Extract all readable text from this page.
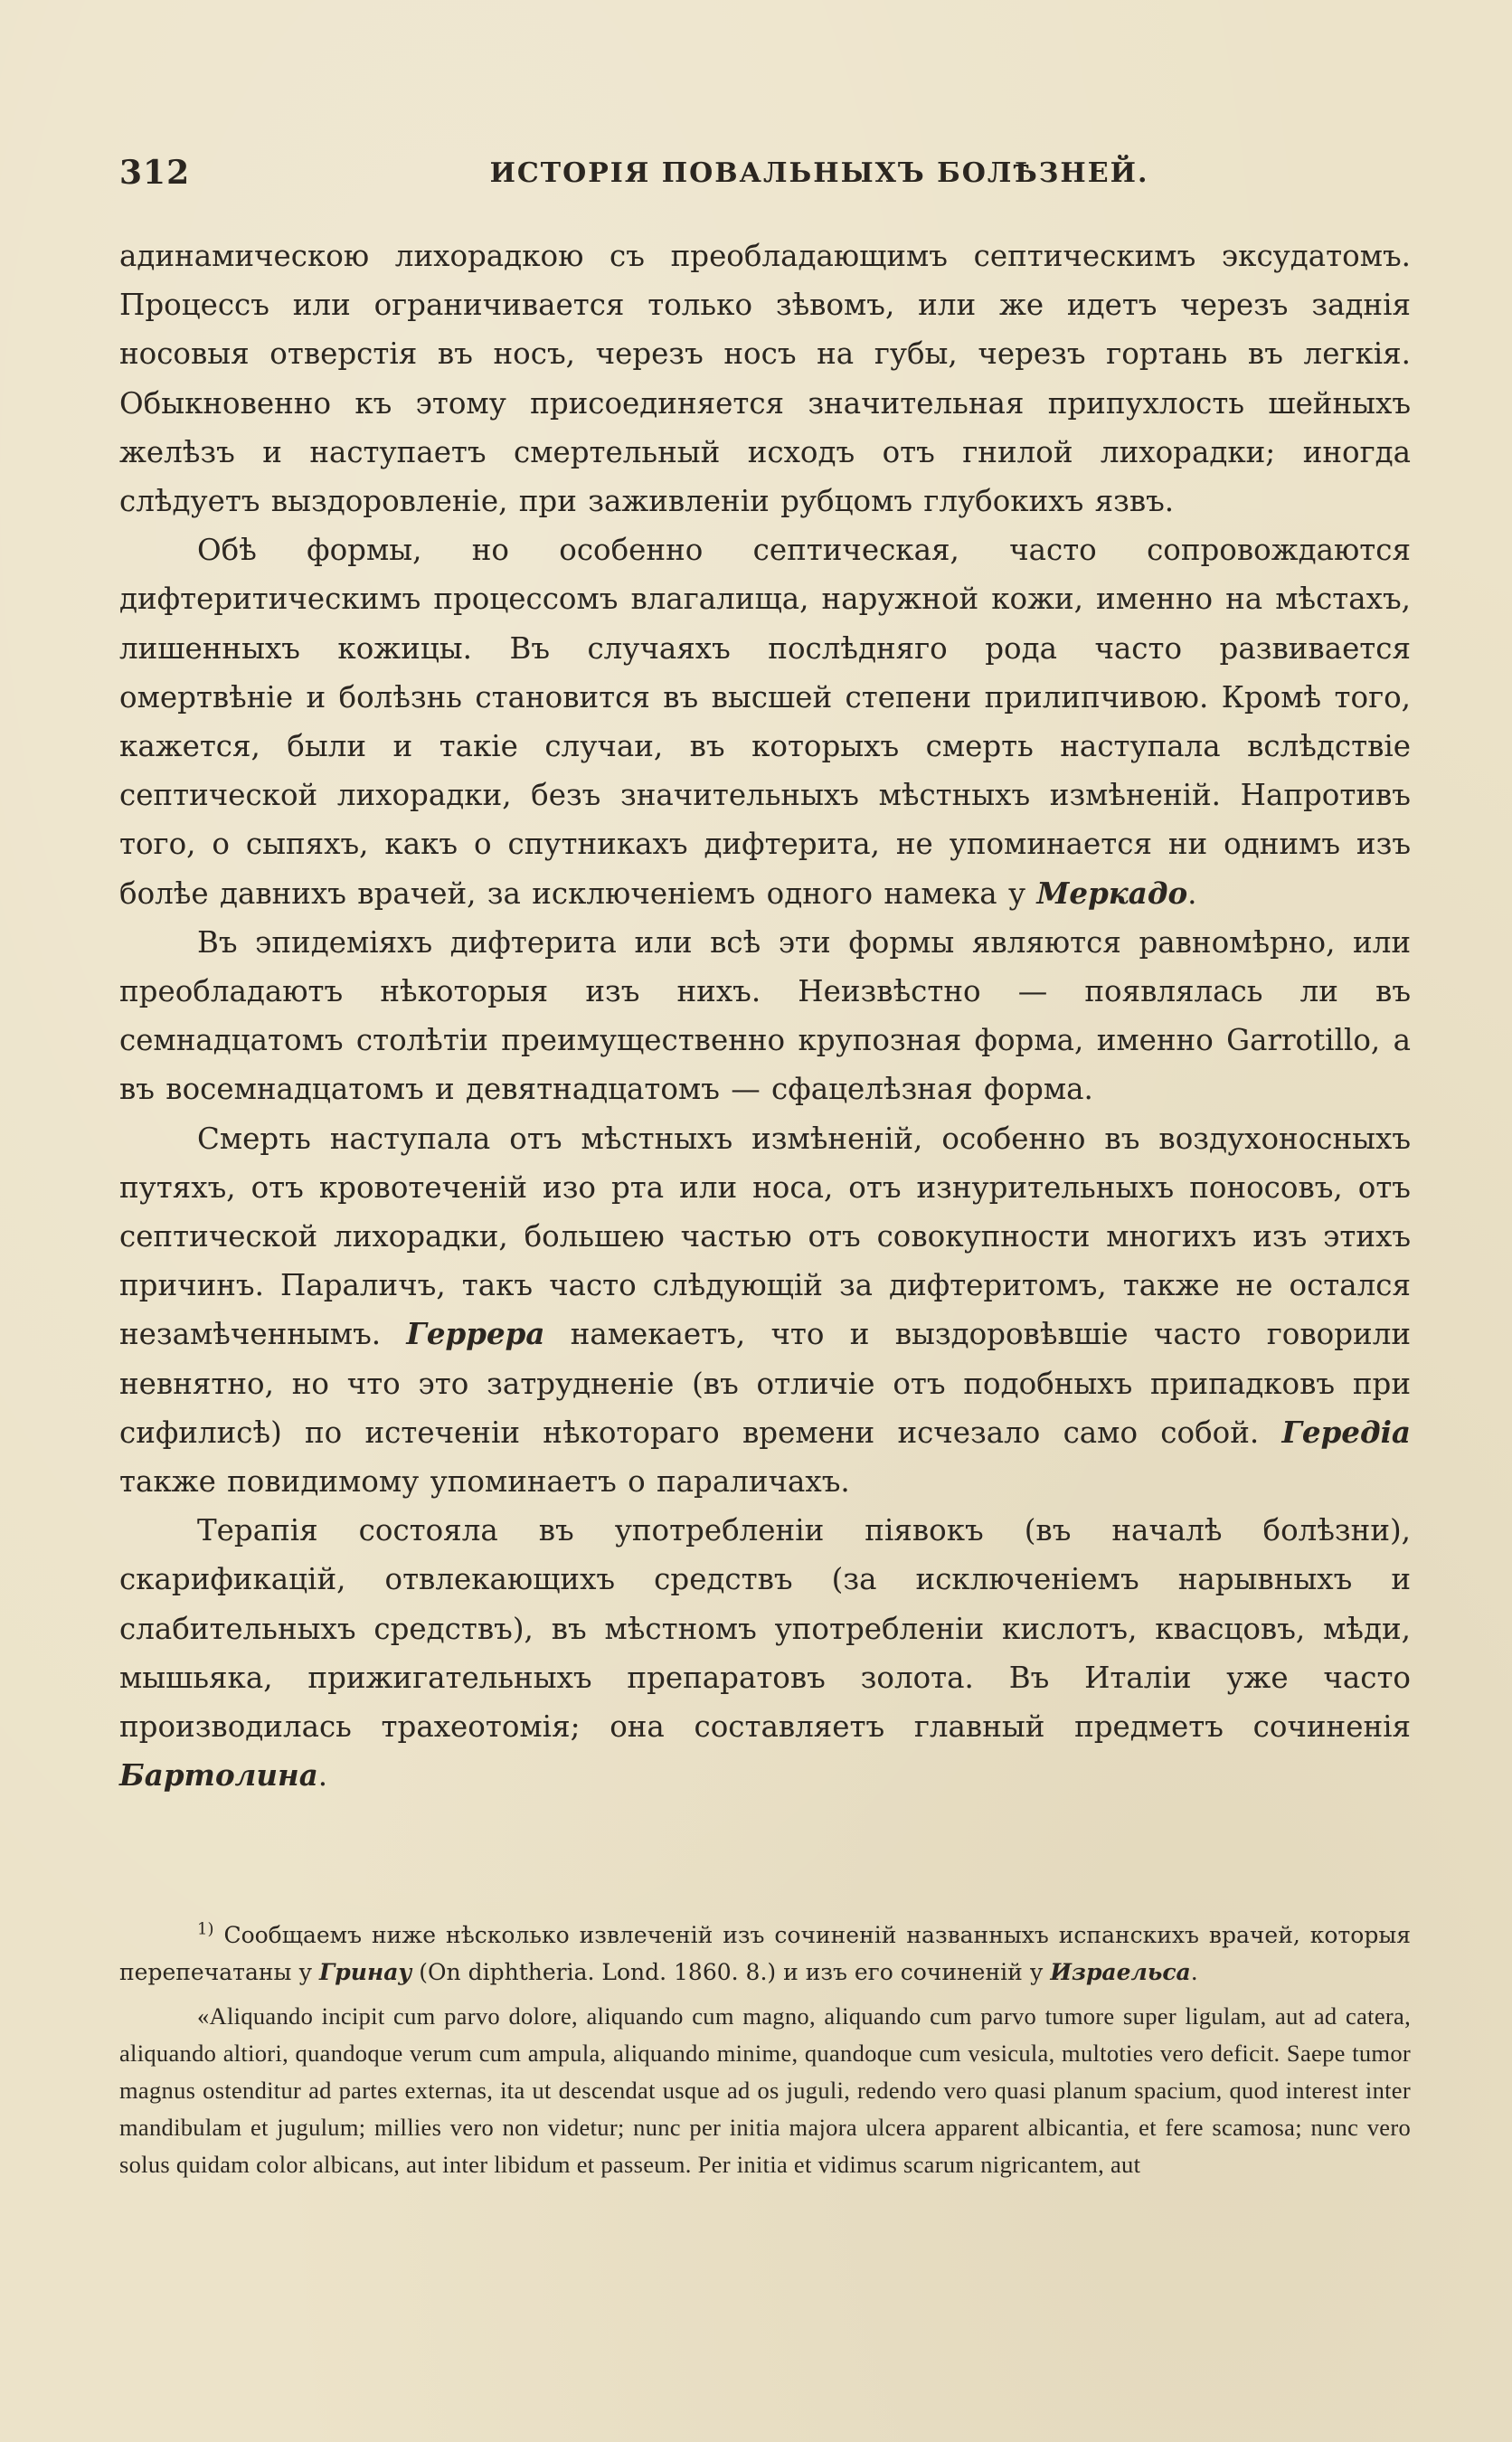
312	ИСТОРІЯ ПОВАЛЬНЫХЪ БОЛѢЗНЕЙ.

адинамическою лихорадкою съ преобладающимъ септическимъ эксудатомъ. Процессъ или ограничивается только зѣвомъ, или же идетъ черезъ заднія носовыя отверстія въ носъ, черезъ носъ на губы, черезъ гортань въ легкія. Обыкновенно къ этому присоединяется значительная припухлость шейныхъ желѣзъ и наступаетъ смертельный исходъ отъ гнилой лихорадки; иногда слѣдуетъ выздоровленіе, при заживленіи рубцомъ глубокихъ язвъ.

Обѣ формы, но особенно септическая, часто сопровождаются дифтеритическимъ процессомъ влагалища, наружной кожи, именно на мѣстахъ, лишенныхъ кожицы. Въ случаяхъ послѣдняго рода часто развивается омертвѣніе и болѣзнь становится въ высшей степени прилипчивою. Кромѣ того, кажется, были и такіе случаи, въ которыхъ смерть наступала вслѣдствіе септической лихорадки, безъ значительныхъ мѣстныхъ измѣненій. Напротивъ того, о сыпяхъ, какъ о спутникахъ дифтерита, не упоминается ни однимъ изъ болѣе давнихъ врачей, за исключеніемъ одного намека у Меркадо.

Въ эпидеміяхъ дифтерита или всѣ эти формы являются равномѣрно, или преобладаютъ нѣкоторыя изъ нихъ. Неизвѣстно — появлялась ли въ семнадцатомъ столѣтіи преимущественно крупозная форма, именно Garrotillo, а въ восемнадцатомъ и девятнадцатомъ — сфацелѣзная форма.

Смерть наступала отъ мѣстныхъ измѣненій, особенно въ воздухоносныхъ путяхъ, отъ кровотеченій изо рта или носа, отъ изнурительныхъ поносовъ, отъ септической лихорадки, большею частью отъ совокупности многихъ изъ этихъ причинъ. Параличъ, такъ часто слѣдующій за дифтеритомъ, также не остался незамѣченнымъ. Геррера намекаетъ, что и выздоровѣвшіе часто говорили невнятно, но что это затрудненіе (въ отличіе отъ подобныхъ припадковъ при сифилисѣ) по истеченіи нѣкотораго времени исчезало само собой. Гередіа также повидимому упоминаетъ о параличахъ.

Терапія состояла въ употребленіи піявокъ (въ началѣ болѣзни), скарификацій, отвлекающихъ средствъ (за исключеніемъ нарывныхъ и слабительныхъ средствъ), въ мѣстномъ употребленіи кислотъ, квасцовъ, мѣди, мышьяка, прижигательныхъ препаратовъ золота. Въ Италіи уже часто производилась трахеотомія; она составляетъ главный предметъ сочиненія Бартолина.

$^{1)}$ Сообщаемъ ниже нѣсколько извлеченій изъ сочиненій названныхъ испанскихъ врачей, которыя перепечатаны у Гринау (On diphtheria. Lond. 1860. 8.) и изъ его сочиненій у Израельса.

«Aliquando incipit cum parvo dolore, aliquando cum magno, aliquando cum parvo tumore super ligulam, aut ad catera, aliquando altiori, quandoque verum cum ampula, aliquando minime, quandoque cum vesicula, multoties vero deficit. Saepe tumor magnus ostenditur ad partes externas, ita ut descendat usque ad os juguli, redendo vero quasi planum spacium, quod interest inter mandibulam et jugulum; millies vero non videtur; nunc per initia majora ulcera apparent albicantia, et fere scamosa; nunc vero solus quidam color albicans, aut inter libidum et passeum. Per initia et vidimus scarum nigricantem, aut
